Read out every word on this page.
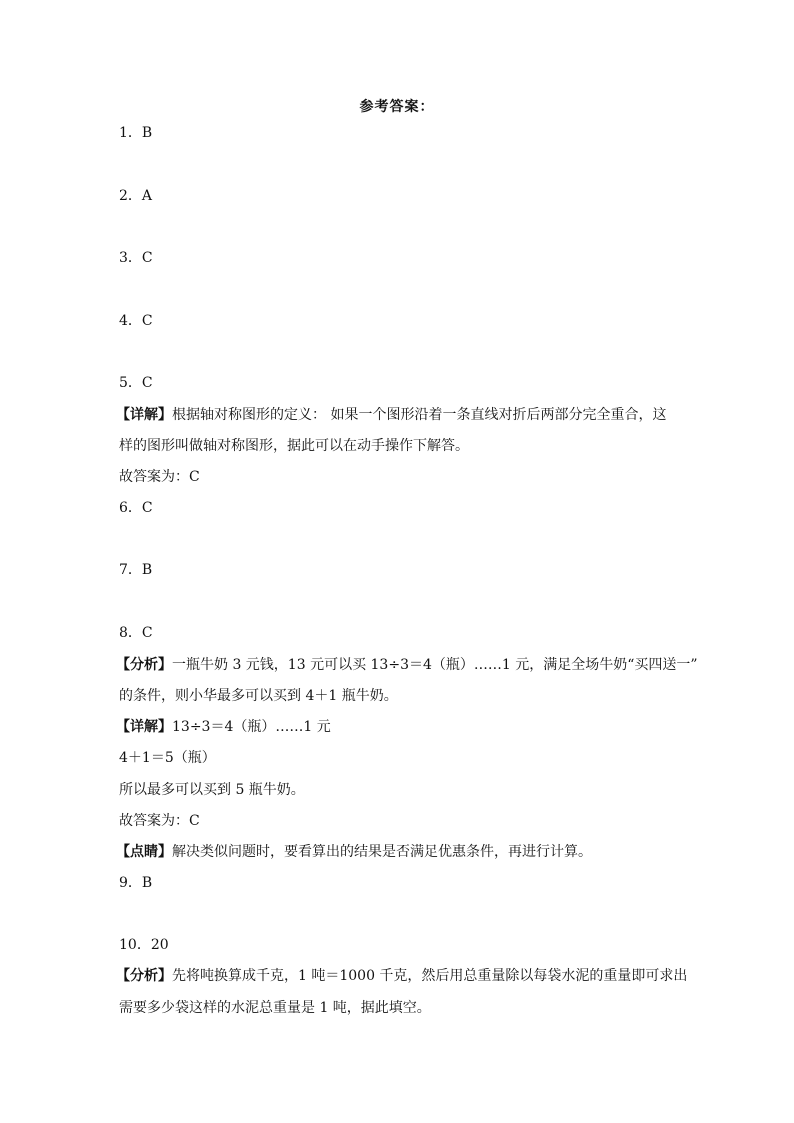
参考答案：
1．B
2．A
3．C
4．C
5．C
【详解】根据轴对称图形的定义： 如果一个图形沿着一条直线对折后两部分完全重合，这
样的图形叫做轴对称图形，据此可以在动手操作下解答。
故答案为：C
6．C
7．B
8．C
【分析】一瓶牛奶 3 元钱，13 元可以买 13÷3＝4（瓶）……1 元，满足全场牛奶“买四送一”
的条件，则小华最多可以买到 4＋1 瓶牛奶。
【详解】13÷3＝4（瓶）……1 元
4＋1＝5（瓶）
所以最多可以买到 5 瓶牛奶。
故答案为：C
【点睛】解决类似问题时，要看算出的结果是否满足优惠条件，再进行计算。
9．B
10．20
【分析】先将吨换算成千克，1 吨＝1000 千克，然后用总重量除以每袋水泥的重量即可求出
需要多少袋这样的水泥总重量是 1 吨，据此填空。
